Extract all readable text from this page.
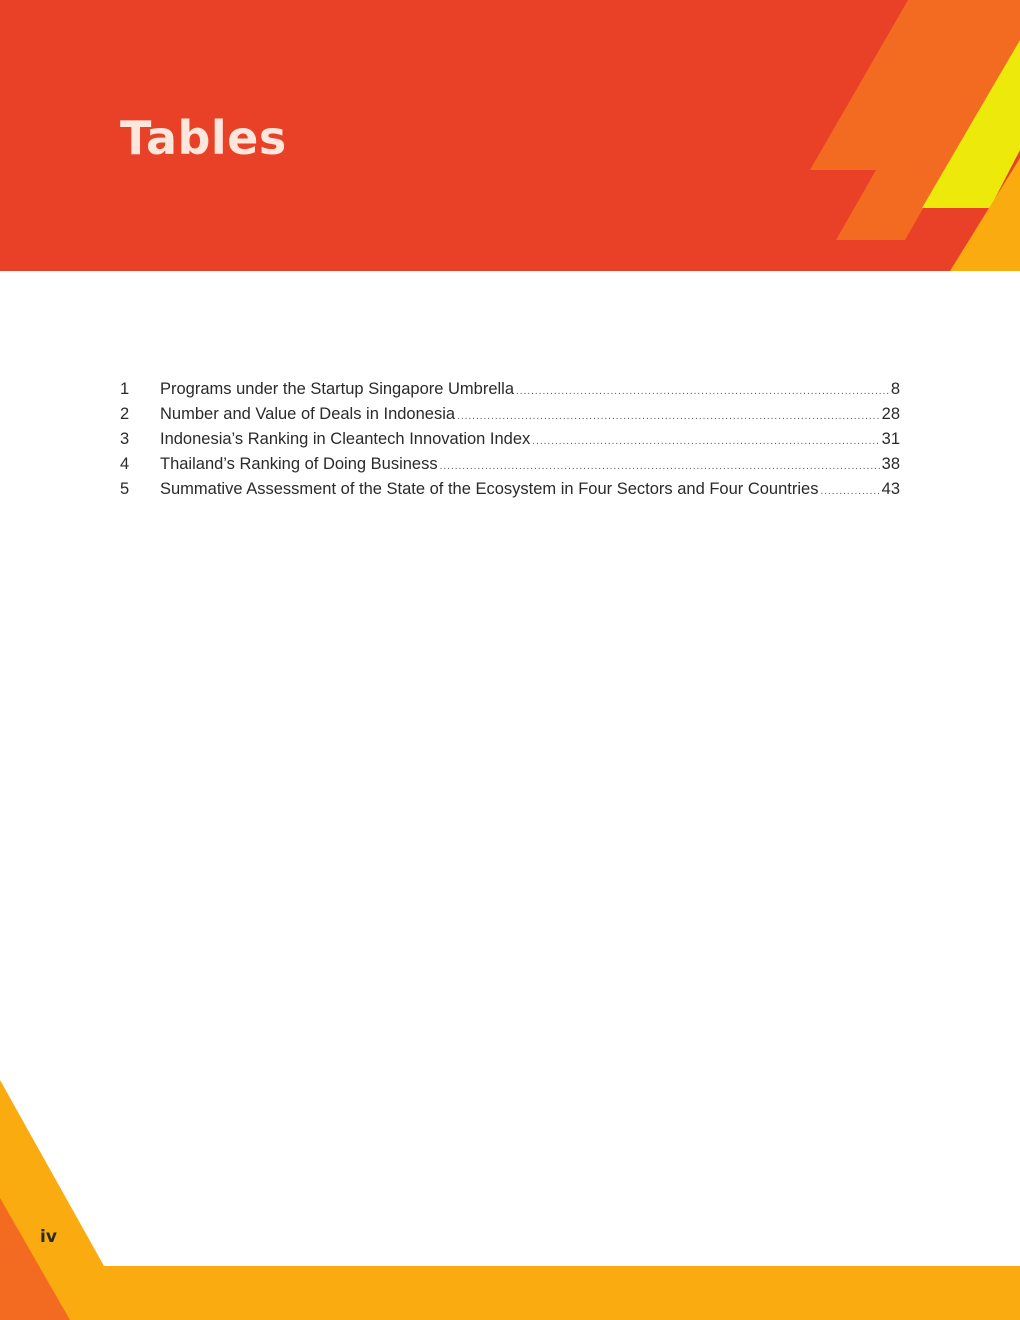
Tables
1	Programs under the Startup Singapore Umbrella .....	8
2	Number and Value of Deals in Indonesia .....	28
3	Indonesia’s Ranking in Cleantech Innovation Index .....	31
4	Thailand’s Ranking of Doing Business .....	38
5	Summative Assessment of the State of the Ecosystem in Four Sectors and Four Countries .....	43
iv
